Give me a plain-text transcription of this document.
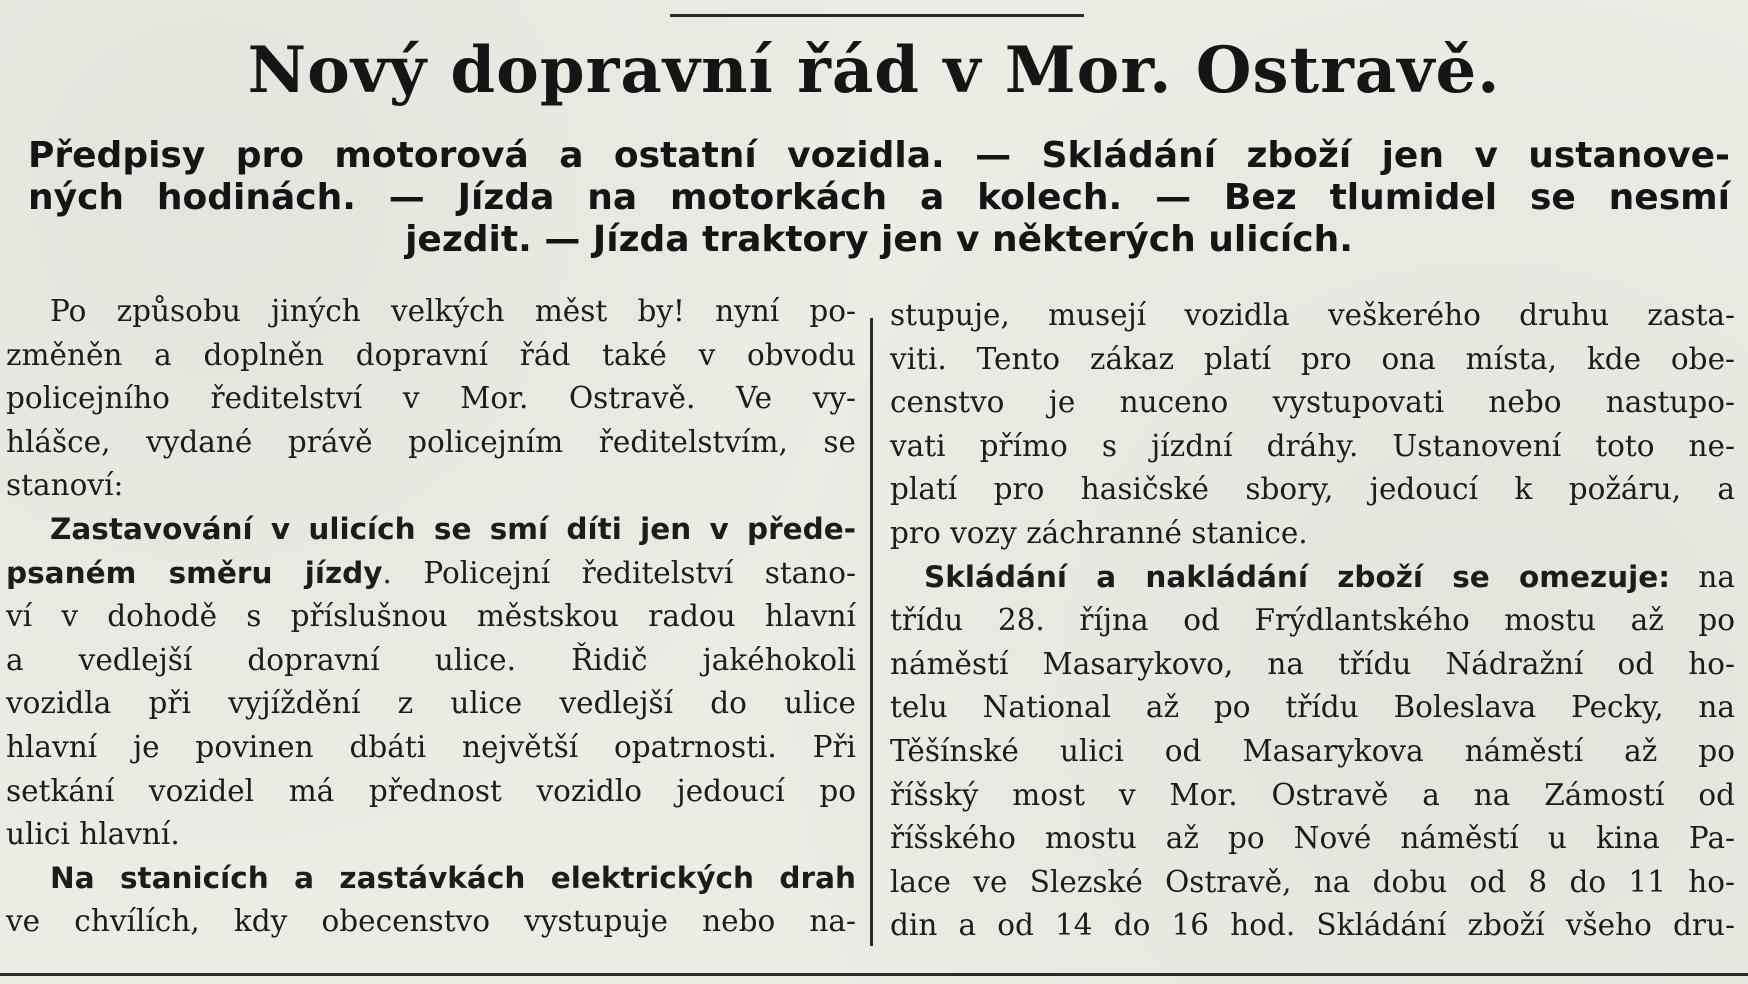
Nový dopravní řád v Mor. Ostravě.
Předpisy pro motorová a ostatní vozidla. — Skládání zboží jen v ustanove-
ných hodinách. — Jízda na motorkách a kolech. — Bez tlumidel se nesmí
jezdit. — Jízda traktory jen v některých ulicích.
Po způsobu jiných velkých měst by! nyní po-
změněn a doplněn dopravní řád také v obvodu
policejního ředitelství v Mor. Ostravě. Ve vy-
hlášce, vydané právě policejním ředitelstvím, se
stanoví:
Zastavování v ulicích se smí díti jen v přede-
psaném směru jízdy. Policejní ředitelství stano-
ví v dohodě s příslušnou městskou radou hlavní
a vedlejší dopravní ulice. Řidič jakéhokoli
vozidla při vyjíždění z ulice vedlejší do ulice
hlavní je povinen dbáti největší opatrnosti. Při
setkání vozidel má přednost vozidlo jedoucí po
ulici hlavní.
Na stanicích a zastávkách elektrických drah
ve chvílích, kdy obecenstvo vystupuje nebo na-
stupuje, musejí vozidla veškerého druhu zasta-
viti. Tento zákaz platí pro ona místa, kde obe-
censtvo je nuceno vystupovati nebo nastupo-
vati přímo s jízdní dráhy. Ustanovení toto ne-
platí pro hasičské sbory, jedoucí k požáru, a
pro vozy záchranné stanice.
Skládání a nakládání zboží se omezuje: na
třídu 28. října od Frýdlantského mostu až po
náměstí Masarykovo, na třídu Nádražní od ho-
telu National až po třídu Boleslava Pecky, na
Těšínské ulici od Masarykova náměstí až po
říšský most v Mor. Ostravě a na Zámostí od
říšského mostu až po Nové náměstí u kina Pa-
lace ve Slezské Ostravě, na dobu od 8 do 11 ho-
din a od 14 do 16 hod. Skládání zboží všeho dru-
